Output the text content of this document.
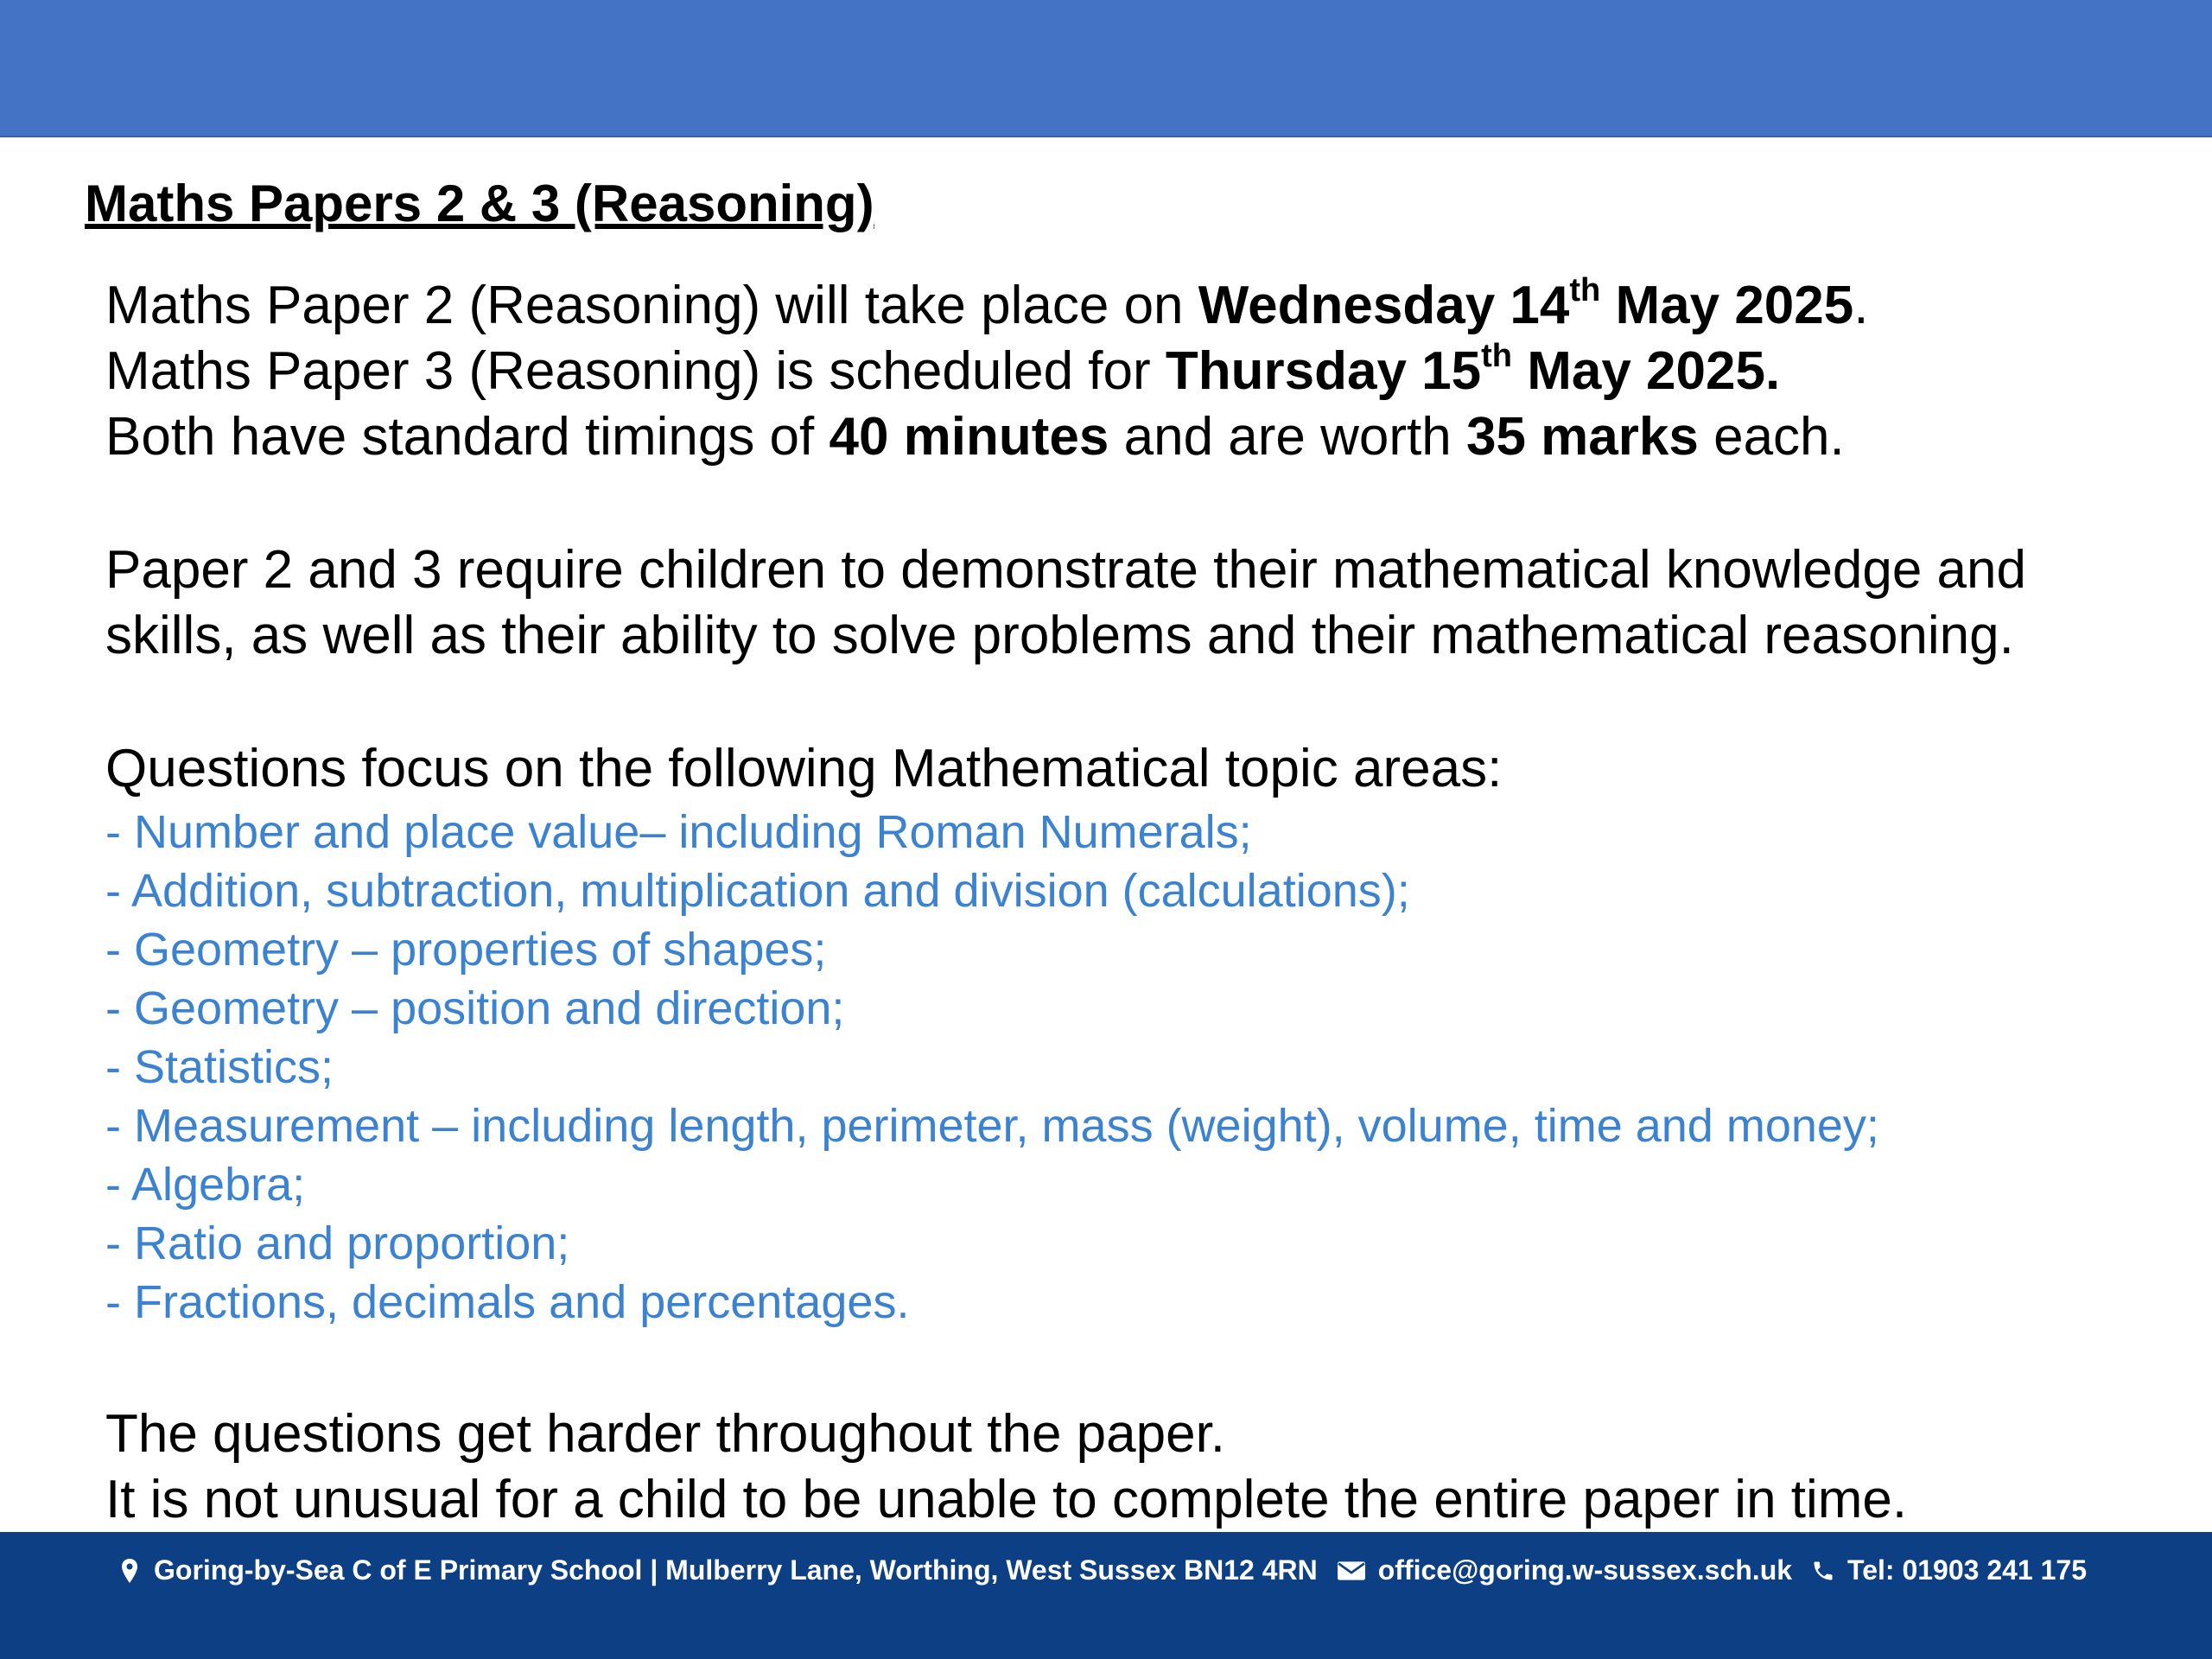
Maths Papers 2 & 3 (Reasoning)
Maths Paper 2 (Reasoning) will take place on Wednesday 14th May 2025.
Maths Paper 3 (Reasoning) is scheduled for Thursday 15th May 2025.
Both have standard timings of 40 minutes and are worth 35 marks each.
Paper 2 and 3 require children to demonstrate their mathematical knowledge and
skills, as well as their ability to solve problems and their mathematical reasoning.
Questions focus on the following Mathematical topic areas:
- Number and place value– including Roman Numerals;
- Addition, subtraction, multiplication and division (calculations);
- Geometry – properties of shapes;
- Geometry – position and direction;
- Statistics;
- Measurement – including length, perimeter, mass (weight), volume, time and money;
- Algebra;
- Ratio and proportion;
- Fractions, decimals and percentages.
The questions get harder throughout the paper.
It is not unusual for a child to be unable to complete the entire paper in time.
Goring-by-Sea C of E Primary School | Mulberry Lane, Worthing, West Sussex BN12 4RN office@goring.w-sussex.sch.uk Tel: 01903 241 175
